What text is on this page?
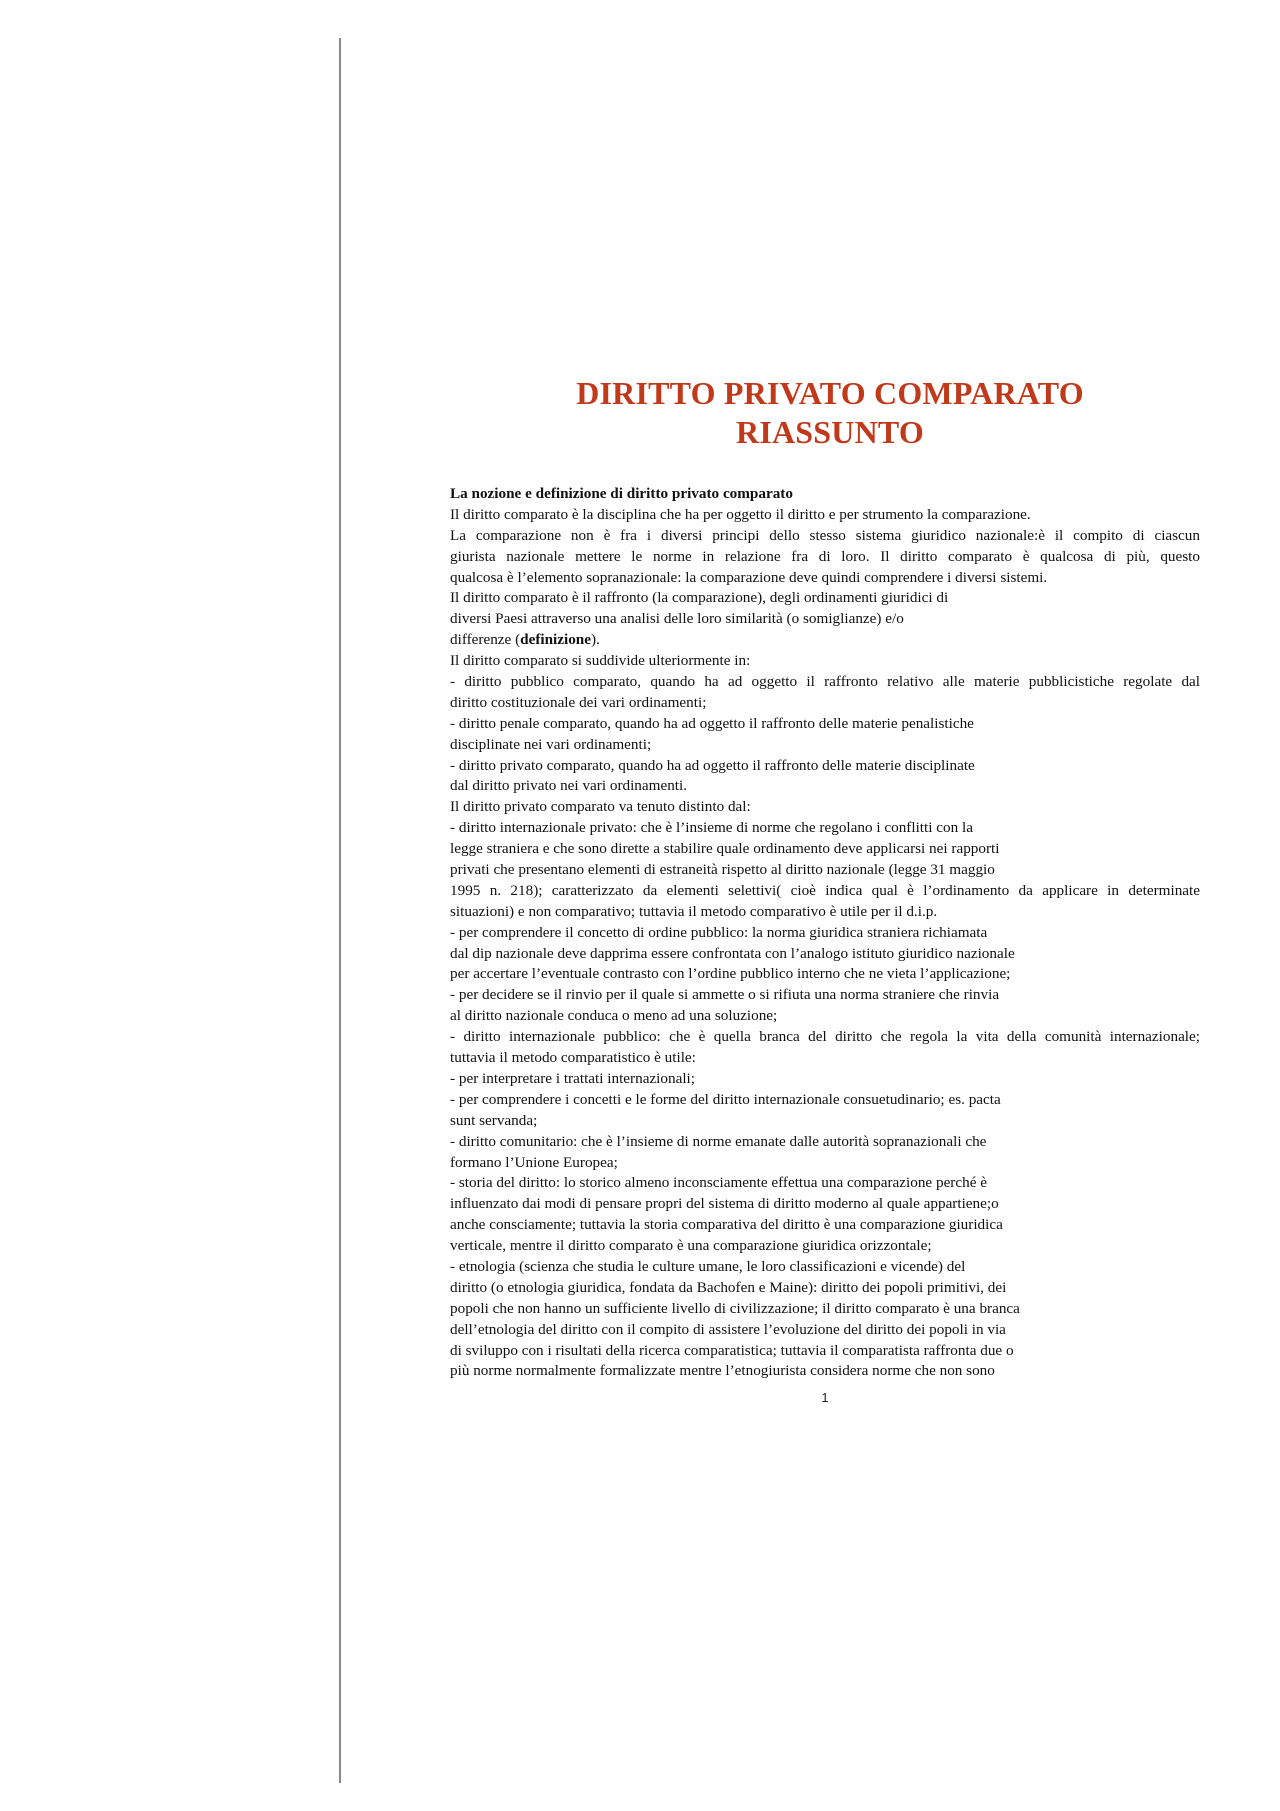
DIRITTO PRIVATO COMPARATO
RIASSUNTO
La nozione e definizione di diritto privato comparato
Il diritto comparato è la disciplina che ha per oggetto il diritto e per strumento la comparazione.
La comparazione non è fra i diversi principi dello stesso sistema giuridico nazionale:è il compito di ciascun
giurista nazionale mettere le norme in relazione fra di loro. Il diritto comparato è qualcosa di più, questo
qualcosa è l’elemento sopranazionale: la comparazione deve quindi comprendere i diversi sistemi.
Il diritto comparato è il raffronto (la comparazione), degli ordinamenti giuridici di
diversi Paesi attraverso una analisi delle loro similarità (o somiglianze) e/o
differenze (definizione).
Il diritto comparato si suddivide ulteriormente in:
- diritto pubblico comparato, quando ha ad oggetto il raffronto relativo alle materie pubblicistiche regolate dal
diritto costituzionale dei vari ordinamenti;
- diritto penale comparato, quando ha ad oggetto il raffronto delle materie penalistiche
disciplinate nei vari ordinamenti;
- diritto privato comparato, quando ha ad oggetto il raffronto delle materie disciplinate
dal diritto privato nei vari ordinamenti.
Il diritto privato comparato va tenuto distinto dal:
- diritto internazionale privato: che è l’insieme di norme che regolano i conflitti con la
legge straniera e che sono dirette a stabilire quale ordinamento deve applicarsi nei rapporti
privati che presentano elementi di estraneità rispetto al diritto nazionale (legge 31 maggio
1995 n. 218); caratterizzato da elementi selettivi( cioè indica qual è l’ordinamento da applicare in determinate
situazioni) e non comparativo; tuttavia il metodo comparativo è utile per il d.i.p.
- per comprendere il concetto di ordine pubblico: la norma giuridica straniera richiamata
dal dip nazionale deve dapprima essere confrontata con l’analogo istituto giuridico nazionale
per accertare l’eventuale contrasto con l’ordine pubblico interno che ne vieta l’applicazione;
- per decidere se il rinvio per il quale si ammette o si rifiuta una norma straniere che rinvia
al diritto nazionale conduca o meno ad una soluzione;
- diritto internazionale pubblico: che è quella branca del diritto che regola la vita della comunità internazionale;
tuttavia il metodo comparatistico è utile:
- per interpretare i trattati internazionali;
- per comprendere i concetti e le forme del diritto internazionale consuetudinario; es. pacta
sunt servanda;
- diritto comunitario: che è l’insieme di norme emanate dalle autorità sopranazionali che
formano l’Unione Europea;
- storia del diritto: lo storico almeno inconsciamente effettua una comparazione perché è
influenzato dai modi di pensare propri del sistema di diritto moderno al quale appartiene;o
anche consciamente; tuttavia la storia comparativa del diritto è una comparazione giuridica
verticale, mentre il diritto comparato è una comparazione giuridica orizzontale;
- etnologia (scienza che studia le culture umane, le loro classificazioni e vicende) del
diritto (o etnologia giuridica, fondata da Bachofen e Maine): diritto dei popoli primitivi, dei
popoli che non hanno un sufficiente livello di civilizzazione; il diritto comparato è una branca
dell’etnologia del diritto con il compito di assistere l’evoluzione del diritto dei popoli in via
di sviluppo con i risultati della ricerca comparatistica; tuttavia il comparatista raffronta due o
più norme normalmente formalizzate mentre l’etnogiurista considera norme che non sono
1
